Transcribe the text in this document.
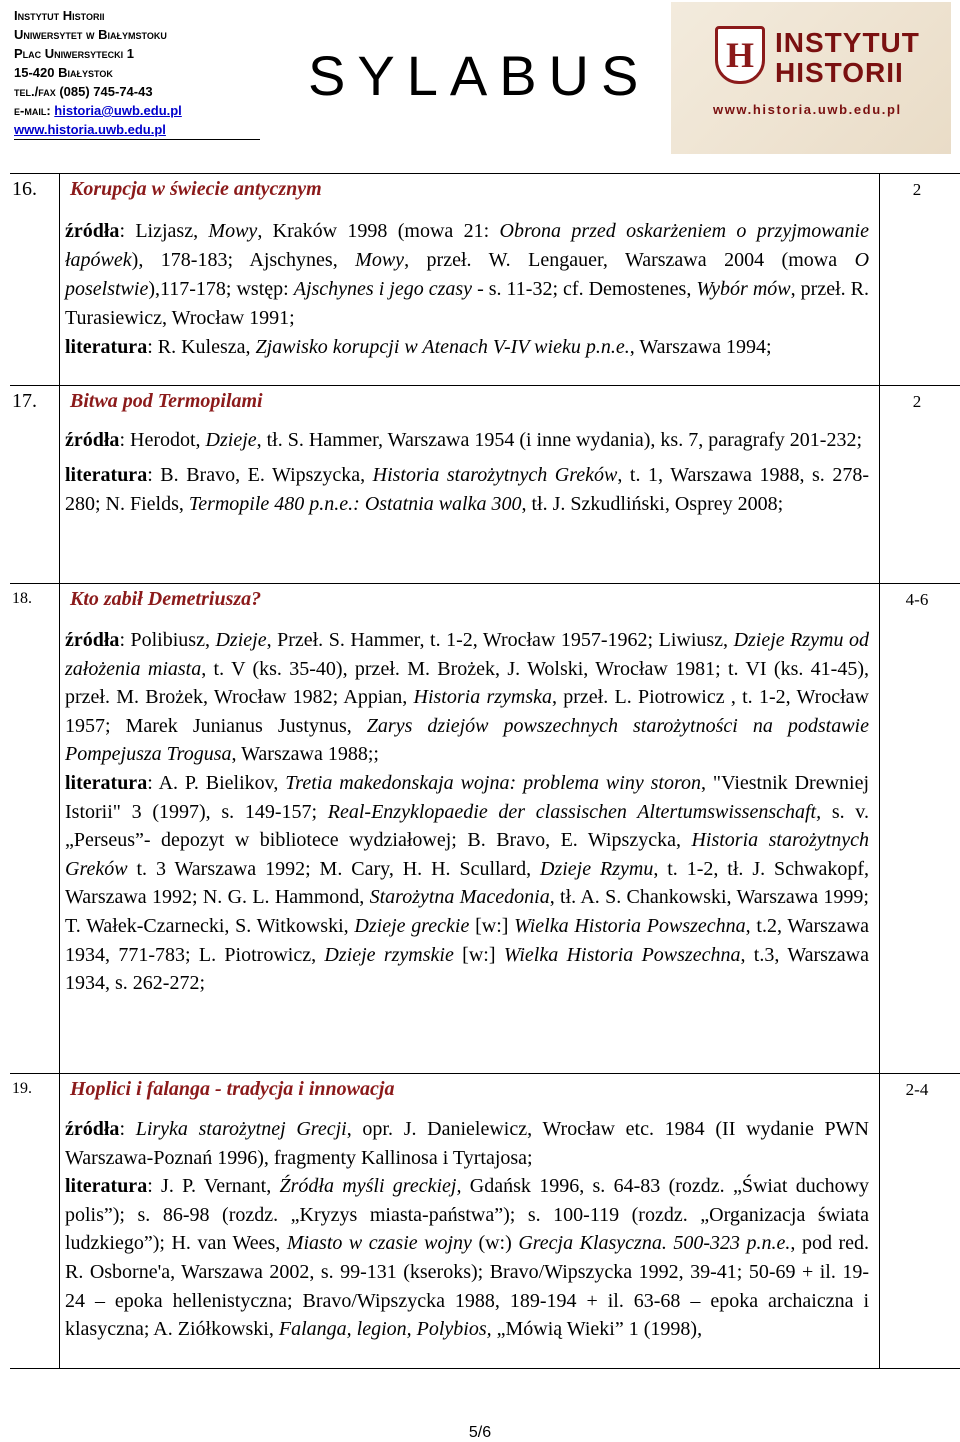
Instytut Historii
Uniwersytet w Białymstoku
Plac Uniwersytecki 1
15-420 Białystok
tel./fax (085) 745-74-43
e-mail: historia@uwb.edu.pl
www.historia.uwb.edu.pl
SYLABUS H INSTYTUT
HISTORII
www.historia.uwb.edu.pl
16. Korupcja w świecie antycznym	2

źródła: Lizjasz, Mowy, Kraków 1998 (mowa 21: Obrona przed oskarżeniem o przyjmowanie łapówek), 178-183; Ajschynes, Mowy, przeł. W. Lengauer, Warszawa 2004 (mowa O poselstwie),117-178; wstęp: Ajschynes i jego czasy - s. 11-32; cf. Demostenes, Wybór mów, przeł. R. Turasiewicz, Wrocław 1991;

literatura: R. Kulesza, Zjawisko korupcji w Atenach V-IV wieku p.n.e., Warszawa 1994;

17. Bitwa pod Termopilami	2

źródła: Herodot, Dzieje, tł. S. Hammer, Warszawa 1954 (i inne wydania), ks. 7, paragrafy 201-232;

literatura: B. Bravo, E. Wipszycka, Historia starożytnych Greków, t. 1, Warszawa 1988, s. 278-280; N. Fields, Termopile 480 p.n.e.: Ostatnia walka 300, tł. J. Szkudliński, Osprey 2008;

18. Kto zabił Demetriusza?	4-6

źródła: Polibiusz, Dzieje, Przeł. S. Hammer, t. 1-2, Wrocław 1957-1962; Liwiusz, Dzieje Rzymu od założenia miasta, t. V (ks. 35-40), przeł. M. Brożek, J. Wolski, Wrocław 1981; t. VI (ks. 41-45), przeł. M. Brożek, Wrocław 1982; Appian, Historia rzymska, przeł. L. Piotrowicz , t. 1-2, Wrocław 1957; Marek Junianus Justynus, Zarys dziejów powszechnych starożytności na podstawie Pompejusza Trogusa, Warszawa 1988;;

literatura: A. P. Bielikov, Tretia makedonskaja wojna: problema winy storon, "Viestnik Drewniej Istorii" 3 (1997), s. 149-157; Real-Enzyklopaedie der classischen Altertumswissenschaft, s. v. „Perseus”- depozyt w bibliotece wydziałowej; B. Bravo, E. Wipszycka, Historia starożytnych Greków t. 3 Warszawa 1992; M. Cary, H. H. Scullard, Dzieje Rzymu, t. 1-2, tł. J. Schwakopf, Warszawa 1992; N. G. L. Hammond, Starożytna Macedonia, tł. A. S. Chankowski, Warszawa 1999; T. Wałek-Czarnecki, S. Witkowski, Dzieje greckie [w:] Wielka Historia Powszechna, t.2, Warszawa 1934, 771-783; L. Piotrowicz, Dzieje rzymskie [w:] Wielka Historia Powszechna, t.3, Warszawa 1934, s. 262-272;

19. Hoplici i falanga - tradycja i innowacja	2-4

źródła: Liryka starożytnej Grecji, opr. J. Danielewicz, Wrocław etc. 1984 (II wydanie PWN Warszawa-Poznań 1996), fragmenty Kallinosa i Tyrtajosa;

literatura: J. P. Vernant, Źródła myśli greckiej, Gdańsk 1996, s. 64-83 (rozdz. „Świat duchowy polis”); s. 86-98 (rozdz. „Kryzys miasta-państwa”); s. 100-119 (rozdz. „Organizacja świata ludzkiego”); H. van Wees, Miasto w czasie wojny (w:) Grecja Klasyczna. 500-323 p.n.e., pod red. R. Osborne'a, Warszawa 2002, s. 99-131 (kseroks); Bravo/Wipszycka 1992, 39-41; 50-69 + il. 19-24 – epoka hellenistyczna; Bravo/Wipszycka 1988, 189-194 + il. 63-68 – epoka archaiczna i klasyczna; A. Ziółkowski, Falanga, legion, Polybios, „Mówią Wieki” 1 (1998),

5/6
